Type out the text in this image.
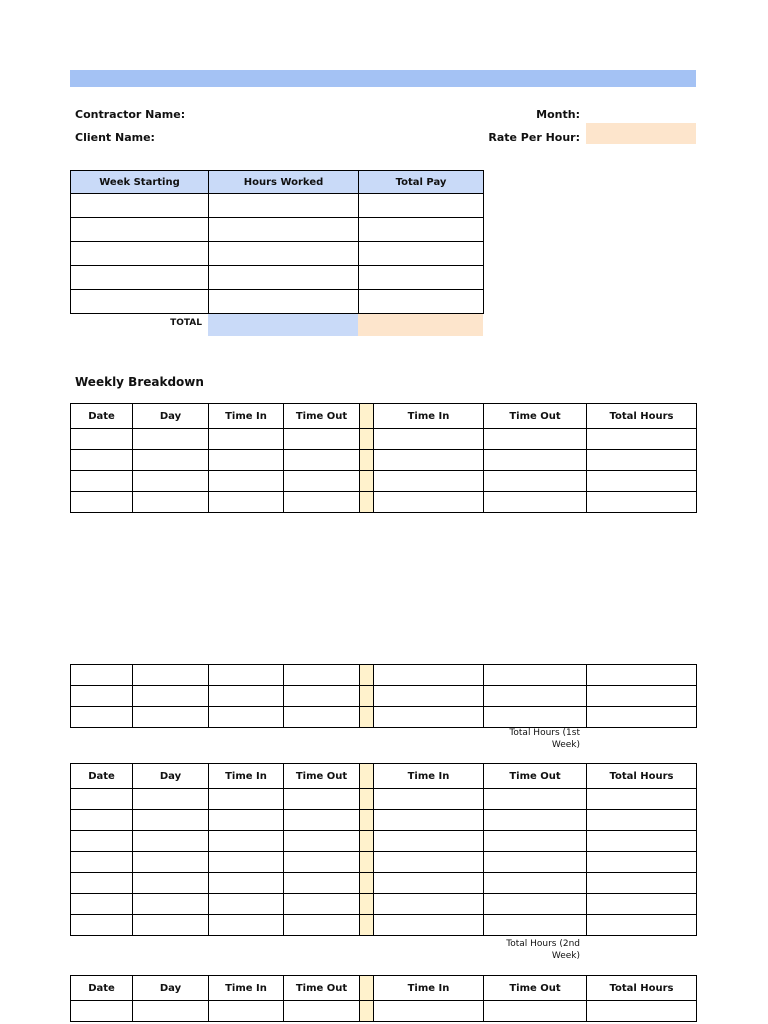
Contractor Name:
Client Name:
Month:
Rate Per Hour:
Week Starting	Hours Worked	Total Pay

TOTAL
Weekly Breakdown
Date	Day	Time In	Time Out		Time In	Time Out	Total Hours

Total Hours (1st Week)
Date	Day	Time In	Time Out		Time In	Time Out	Total Hours

Total Hours (2nd Week)
Date	Day	Time In	Time Out		Time In	Time Out	Total Hours
